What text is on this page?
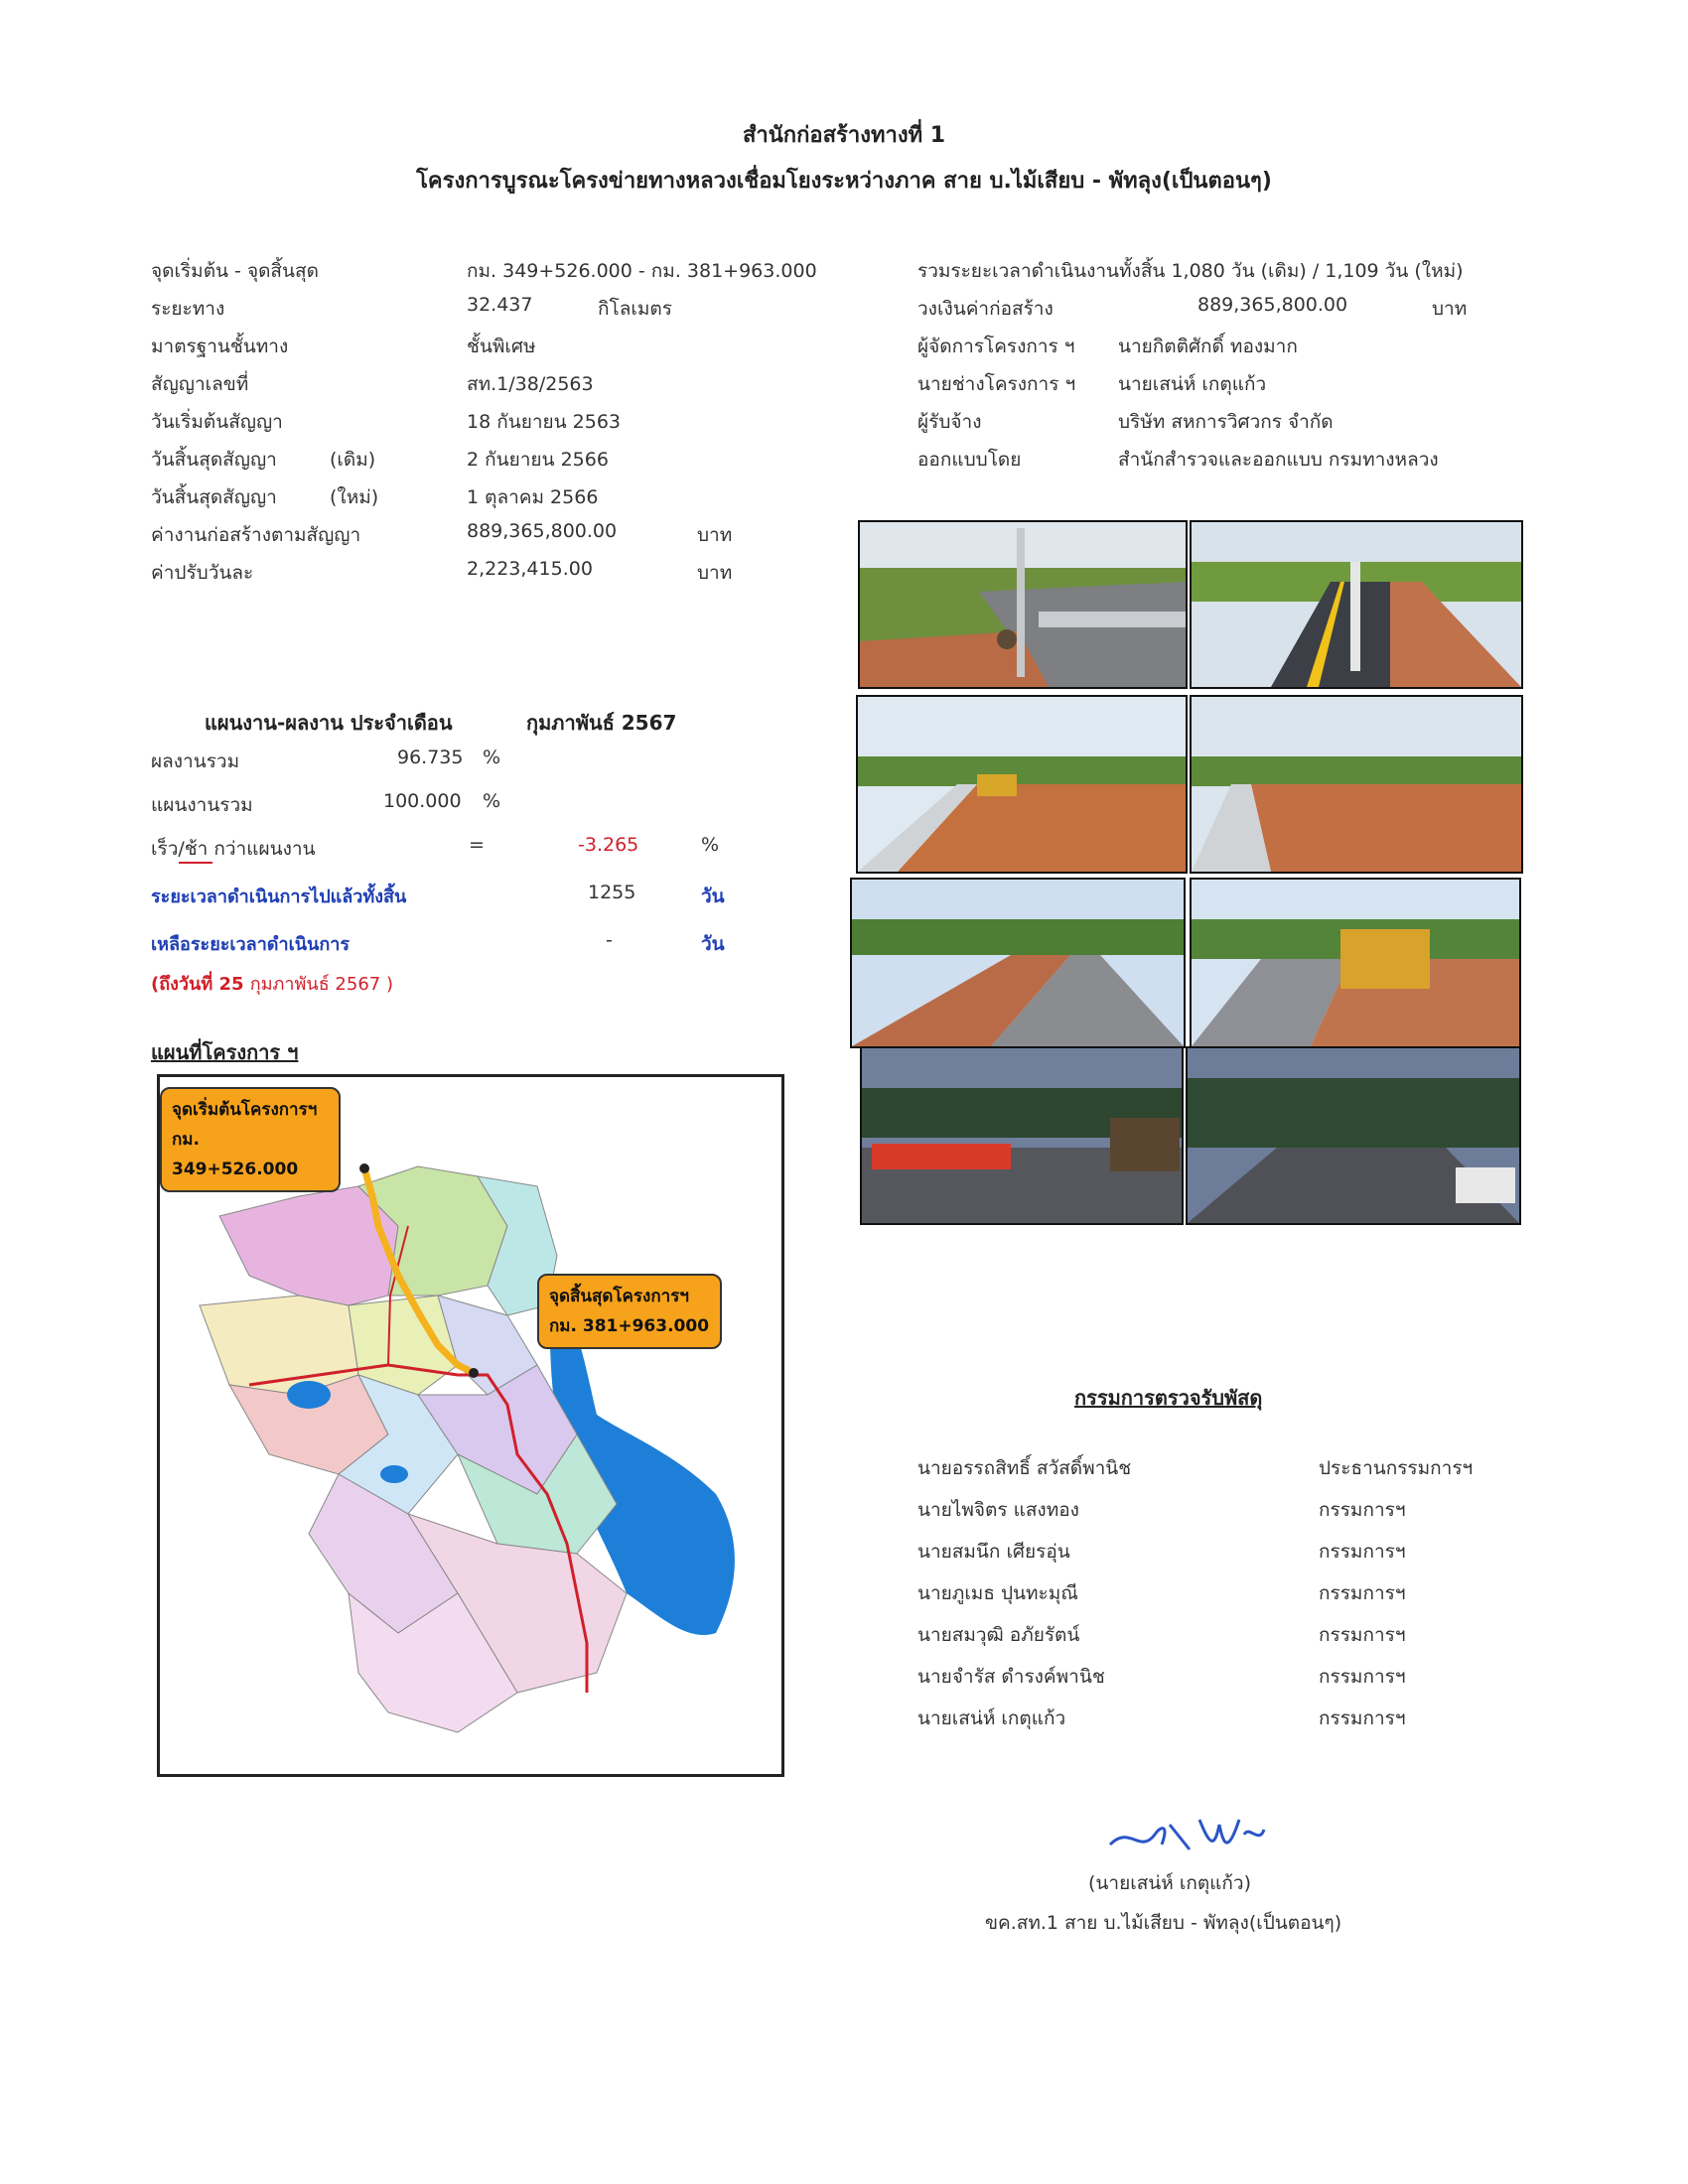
สำนักก่อสร้างทางที่ 1
โครงการบูรณะโครงข่ายทางหลวงเชื่อมโยงระหว่างภาค สาย บ.ไม้เสียบ - พัทลุง(เป็นตอนๆ)
จุดเริ่มต้น - จุดสิ้นสุด	กม. 349+526.000 - กม. 381+963.000
ระยะทาง	32.437	กิโลเมตร
มาตรฐานชั้นทาง	ชั้นพิเศษ
สัญญาเลขที่	สท.1/38/2563
วันเริ่มต้นสัญญา	18 กันยายน 2563
วันสิ้นสุดสัญญา	(เดิม)	2 กันยายน 2566
วันสิ้นสุดสัญญา	(ใหม่)	1 ตุลาคม 2566
ค่างานก่อสร้างตามสัญญา	889,365,800.00	บาท
ค่าปรับวันละ	2,223,415.00	บาท
รวมระยะเวลาดำเนินงานทั้งสิ้น 1,080 วัน (เดิม) / 1,109 วัน (ใหม่)
วงเงินค่าก่อสร้าง	889,365,800.00	บาท
ผู้จัดการโครงการ ฯ นายกิตติศักดิ์ ทองมาก
นายช่างโครงการ ฯ นายเสน่ห์ เกตุแก้ว
ผู้รับจ้าง	บริษัท สหการวิศวกร จำกัด
ออกแบบโดย	สำนักสำรวจและออกแบบ กรมทางหลวง
แผนงาน-ผลงาน ประจำเดือน	กุมภาพันธ์ 2567
ผลงานรวม	96.735 %
แผนงานรวม	100.000 %
เร็ว/ช้า กว่าแผนงาน	=	-3.265	%
ระยะเวลาดำเนินการไปแล้วทั้งสิ้น	1255	วัน
เหลือระยะเวลาดำเนินการ	-	วัน
(ถึงวันที่ 25 กุมภาพันธ์ 2567 )
แผนที่โครงการ ฯ
จุดเริ่มต้นโครงการฯ
กม. 349+526.000
จุดสิ้นสุดโครงการฯ
กม. 381+963.000
กรรมการตรวจรับพัสดุ
นายอรรถสิทธิ์ สวัสดิ์พานิช	ประธานกรรมการฯ
นายไพจิตร แสงทอง	กรรมการฯ
นายสมนึก เศียรอุ่น	กรรมการฯ
นายภูเมธ ปุนทะมุณี	กรรมการฯ
นายสมวุฒิ อภัยรัตน์	กรรมการฯ
นายจำรัส ดำรงค์พานิช	กรรมการฯ
นายเสน่ห์ เกตุแก้ว	กรรมการฯ
(นายเสน่ห์ เกตุแก้ว)
ขค.สท.1 สาย บ.ไม้เสียบ - พัทลุง(เป็นตอนๆ)
